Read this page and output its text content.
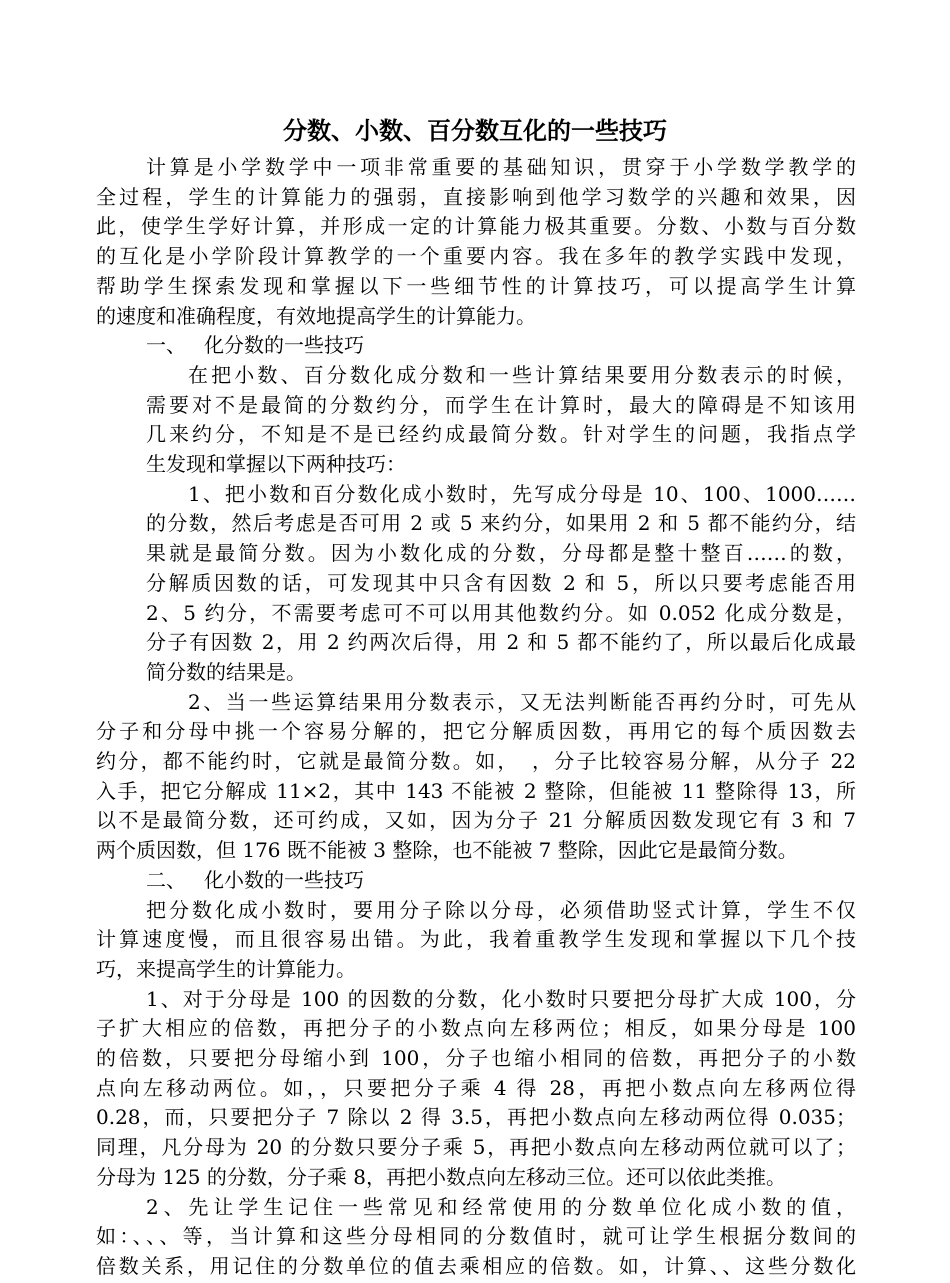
分数、小数、百分数互化的一些技巧
计算是小学数学中一项非常重要的基础知识，贯穿于小学数学教学的
全过程，学生的计算能力的强弱，直接影响到他学习数学的兴趣和效果，因
此，使学生学好计算，并形成一定的计算能力极其重要。分数、小数与百分数
的互化是小学阶段计算教学的一个重要内容。我在多年的教学实践中发现，
帮助学生探索发现和掌握以下一些细节性的计算技巧，可以提高学生计算
的速度和准确程度，有效地提高学生的计算能力。
一、 化分数的一些技巧
在把小数、百分数化成分数和一些计算结果要用分数表示的时候，
需要对不是最简的分数约分，而学生在计算时，最大的障碍是不知该用
几来约分，不知是不是已经约成最简分数。针对学生的问题，我指点学
生发现和掌握以下两种技巧：
1、把小数和百分数化成小数时，先写成分母是 10、100、1000……
的分数，然后考虑是否可用 2 或 5 来约分，如果用 2 和 5 都不能约分，结
果就是最简分数。因为小数化成的分数，分母都是整十整百……的数，
分解质因数的话，可发现其中只含有因数 2 和 5，所以只要考虑能否用
2、5 约分，不需要考虑可不可以用其他数约分。如 0.052 化成分数是，
分子有因数 2，用 2 约两次后得，用 2 和 5 都不能约了，所以最后化成最
简分数的结果是。
2、当一些运算结果用分数表示，又无法判断能否再约分时，可先从
分子和分母中挑一个容易分解的，把它分解质因数，再用它的每个质因数去
约分，都不能约时，它就是最简分数。如，　，分子比较容易分解，从分子 22
入手，把它分解成 11×2，其中 143 不能被 2 整除，但能被 11 整除得 13，所
以不是最简分数，还可约成，又如，因为分子 21 分解质因数发现它有 3 和 7
两个质因数，但 176 既不能被 3 整除，也不能被 7 整除，因此它是最简分数。
二、 化小数的一些技巧
把分数化成小数时，要用分子除以分母，必须借助竖式计算，学生不仅
计算速度慢，而且很容易出错。为此，我着重教学生发现和掌握以下几个技
巧，来提高学生的计算能力。
1、对于分母是 100 的因数的分数，化小数时只要把分母扩大成 100，分
子扩大相应的倍数，再把分子的小数点向左移两位；相反，如果分母是 100
的倍数，只要把分母缩小到 100，分子也缩小相同的倍数，再把分子的小数
点向左移动两位。如，，只要把分子乘 4 得 28，再把小数点向左移两位得
0.28，而，只要把分子 7 除以 2 得 3.5，再把小数点向左移动两位得 0.035；
同理，凡分母为 20 的分数只要分子乘 5，再把小数点向左移动两位就可以了；
分母为 125 的分数，分子乘 8，再把小数点向左移动三位。还可以依此类推。
2、先让学生记住一些常见和经常使用的分数单位化成小数的值，
如：、、、等，当计算和这些分母相同的分数值时，就可让学生根据分数间的
倍数关系，用记住的分数单位的值去乘相应的倍数。如，计算、、这些分数化
